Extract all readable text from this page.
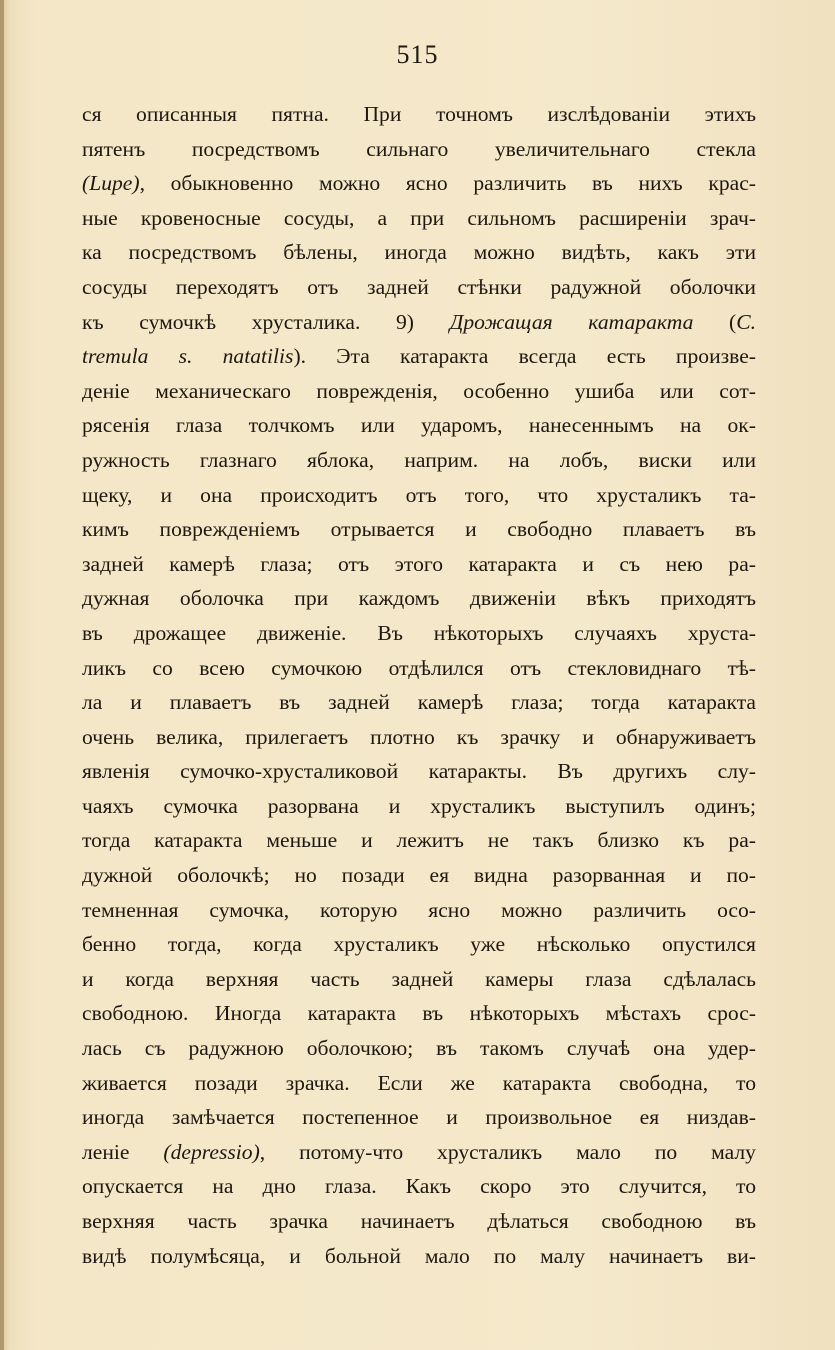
515
ся описанныя пятна. При точномъ изслѣдованіи этихъ
пятенъ посредствомъ сильнаго увеличительнаго стекла
(Lupe), обыкновенно можно ясно различить въ нихъ крас-
ные кровеносные сосуды, а при сильномъ расширеніи зрач-
ка посредствомъ бѣлены, иногда можно видѣть, какъ эти
сосуды переходятъ отъ задней стѣнки радужной оболочки
къ сумочкѣ хрусталика. 9) Дрожащая катаракта (C.
tremula s. natatilis). Эта катаракта всегда есть произве-
деніе механическаго поврежденія, особенно ушиба или сот-
рясенія глаза толчкомъ или ударомъ, нанесеннымъ на ок-
ружность глазнаго яблока, наприм. на лобъ, виски или
щеку, и она происходитъ отъ того, что хрусталикъ та-
кимъ поврежденіемъ отрывается и свободно плаваетъ въ
задней камерѣ глаза; отъ этого катаракта и съ нею ра-
дужная оболочка при каждомъ движеніи вѣкъ приходятъ
въ дрожащее движеніе. Въ нѣкоторыхъ случаяхъ хруста-
ликъ со всею сумочкою отдѣлился отъ стекловиднаго тѣ-
ла и плаваетъ въ задней камерѣ глаза; тогда катаракта
очень велика, прилегаетъ плотно къ зрачку и обнаруживаетъ
явленія сумочко-хрусталиковой катаракты. Въ другихъ слу-
чаяхъ сумочка разорвана и хрусталикъ выступилъ одинъ;
тогда катаракта меньше и лежитъ не такъ близко къ ра-
дужной оболочкѣ; но позади ея видна разорванная и по-
темненная сумочка, которую ясно можно различить осо-
бенно тогда, когда хрусталикъ уже нѣсколько опустился
и когда верхняя часть задней камеры глаза сдѣлалась
свободною. Иногда катаракта въ нѣкоторыхъ мѣстахъ срос-
лась съ радужною оболочкою; въ такомъ случаѣ она удер-
живается позади зрачка. Если же катаракта свободна, то
иногда замѣчается постепенное и произвольное ея низдав-
леніе (depressio), потому-что хрусталикъ мало по малу
опускается на дно глаза. Какъ скоро это случится, то
верхняя часть зрачка начинаетъ дѣлаться свободною въ
видѣ полумѣсяца, и больной мало по малу начинаетъ ви-
